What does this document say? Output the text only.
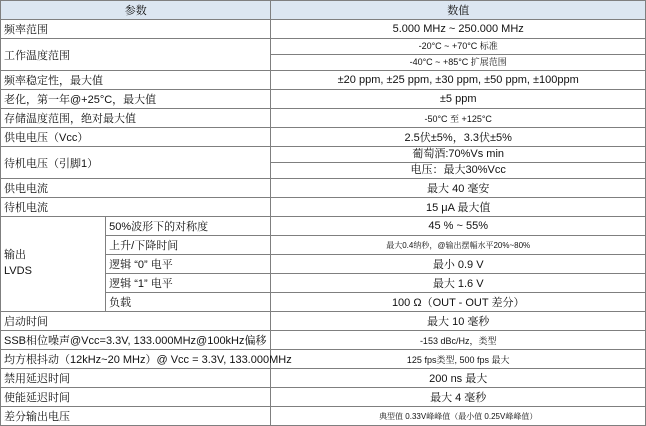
参数		数值
频率范围		5.000 MHz ~ 250.000 MHz
工作温度范围		-20°C ~ +70°C 标准
-40°C ~ +85°C 扩展范围

频率稳定性，最大值		±20 ppm, ±25 ppm, ±30 ppm, ±50 ppm, ±100ppm
老化，第一年@+25°C，最大值		±5 ppm
存储温度范围，绝对最大值		-50°C 至 +125°C
供电电压（Vcc）		2.5伏±5%，3.3伏±5%
待机电压（引脚1）		葡萄酒:70%Vs min
电压：最大30%Vcc

供电电流		最大 40 毫安
待机电流		15 μA 最大值

输出
LVDS	50%波形下的对称度	45 % ~ 55%
	上升/下降时间	最大0.4纳秒，@输出摆幅水平20%~80%
	逻辑 “0” 电平	最小 0.9 V
	逻辑 “1” 电平	最大 1.6 V
	负载	100 Ω（OUT - OUT 差分）
启动时间		最大 10 毫秒
SSB相位噪声@Vcc=3.3V, 133.000MHz@100kHz偏移		-153 dBc/Hz，类型
均方根抖动（12kHz~20 MHz）@ Vcc = 3.3V, 133.000MHz		125 fps类型, 500 fps 最大
禁用延迟时间		200 ns 最大
使能延迟时间		最大 4 毫秒
差分输出电压		典型值 0.33V峰峰值（最小值 0.25V峰峰值）
